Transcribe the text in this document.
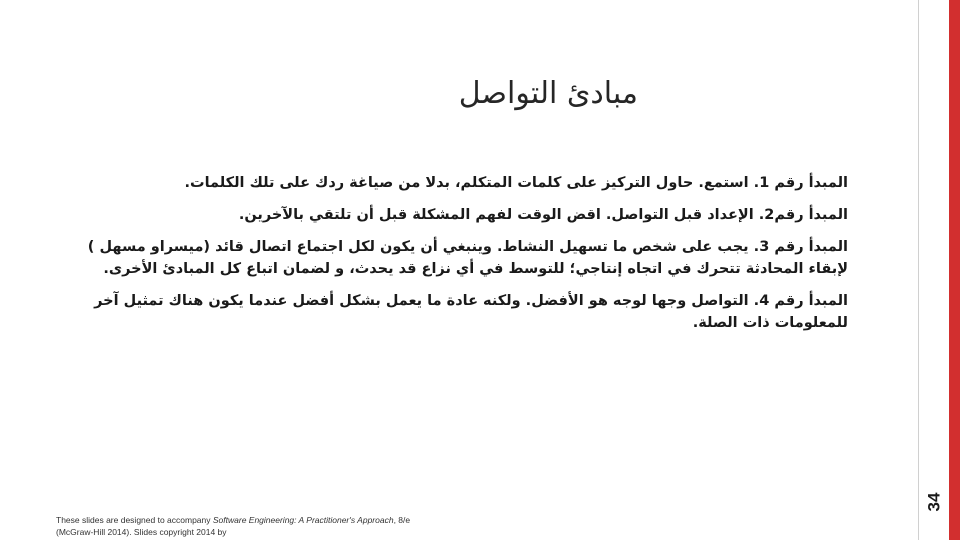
مبادئ التواصل

المبدأ رقم 1. استمع. حاول التركيز على كلمات المتكلم، بدلا من صياغة ردك على تلك الكلمات.

المبدأ رقم2. الإعداد قبل التواصل. اقض الوقت لفهم المشكلة قبل أن تلتقي بالآخرين.

المبدأ رقم 3. يجب على شخص ما تسهيل النشاط. وينبغي أن يكون لكل اجتماع اتصال قائد (ميسراو مسهل ) لإبقاء المحادثة تتحرك في اتجاه إنتاجي؛ للتوسط في أي نزاع قد يحدث، و لضمان اتباع كل المبادئ الأخرى.

المبدأ رقم 4. التواصل وجها لوجه هو الأفضل. ولكنه عادة ما يعمل بشكل أفضل عندما يكون هناك تمثيل آخر للمعلومات ذات الصلة.

These slides are designed to accompany Software Engineering: A Practitioner's Approach, 8/e (McGraw-Hill 2014). Slides copyright 2014 by
34
